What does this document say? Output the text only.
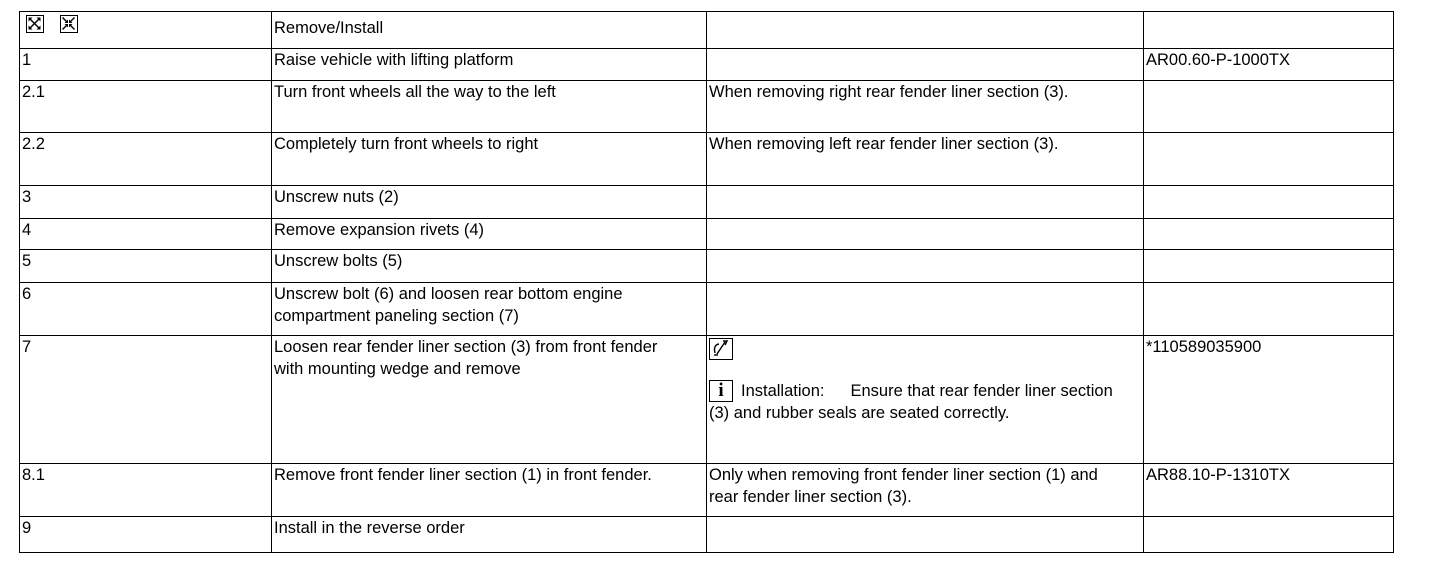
	Remove/Install		
1	Raise vehicle with lifting platform		AR00.60-P-1000TX
2.1	Turn front wheels all the way to the left	When removing right rear fender liner section (3).	
2.2	Completely turn front wheels to right	When removing left rear fender liner section (3).	
3	Unscrew nuts (2)		
4	Remove expansion rivets (4)		
5	Unscrew bolts (5)		
6	Unscrew bolt (6) and loosen rear bottom engine compartment paneling section (7)		
7	Loosen rear fender liner section (3) from front fender with mounting wedge and remove	i Installation: Ensure that rear fender liner section (3) and rubber seals are seated correctly.	*110589035900
8.1	Remove front fender liner section (1) in front fender.	Only when removing front fender liner section (1) and rear fender liner section (3).	AR88.10-P-1310TX
9	Install in the reverse order		
